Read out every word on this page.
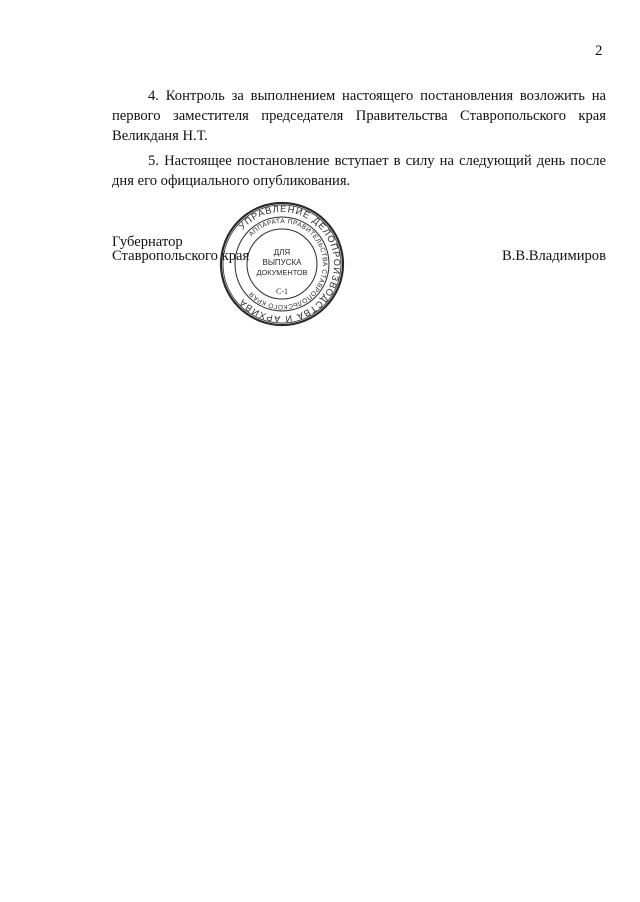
2

4. Контроль за выполнением настоящего постановления возложить на первого заместителя председателя Правительства Ставропольского края Великданя Н.Т.

5. Настоящее постановление вступает в силу на следующий день после дня его официального опубликования.

Губернатор
Ставропольского края	В.В.Владимиров
УПРАВЛЕНИЕ ДЕЛОПРОИЗВОДСТВА И АРХИВА
АППАРАТА ПРАВИТЕЛЬСТВА СТАВРОПОЛЬСКОГО КРАЯ
ДЛЯ
ВЫПУСКА
ДОКУМЕНТОВ
С-1
